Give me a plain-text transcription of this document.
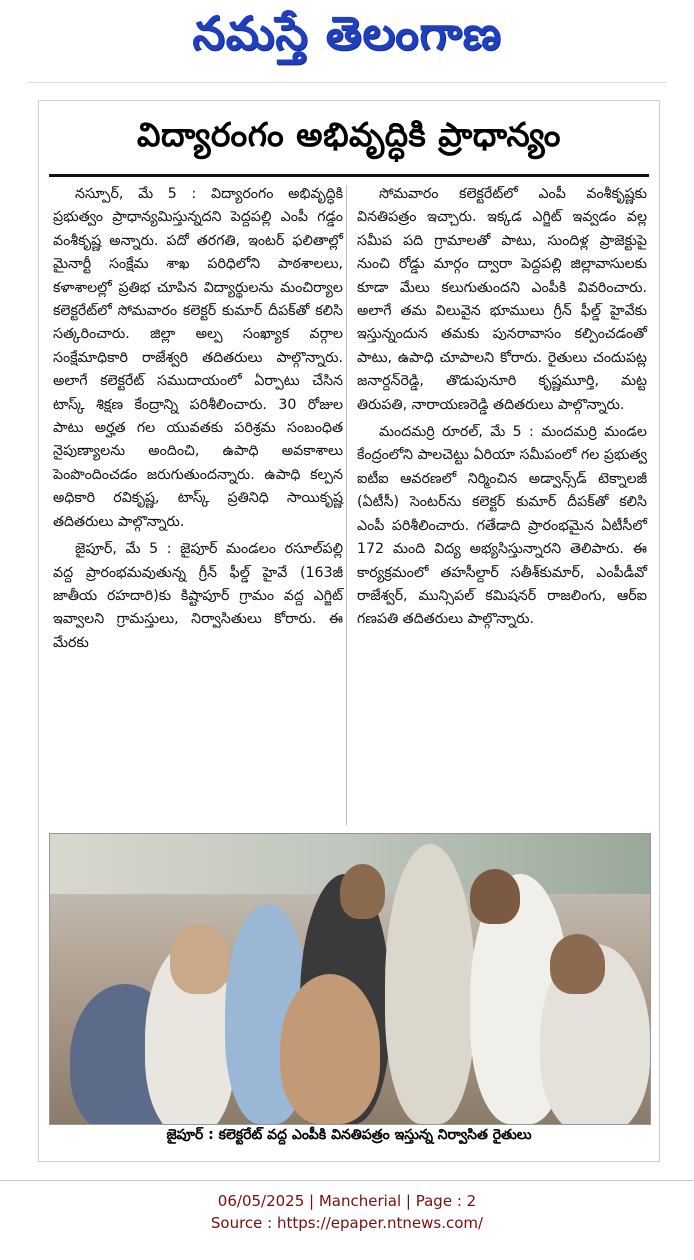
నమస్తే తెలంగాణ
విద్యారంగం అభివృద్ధికి ప్రాధాన్యం

నస్పూర్, మే 5 : విద్యారంగం అభివృద్ధికి ప్రభుత్వం ప్రాధాన్యమిస్తున్నదని పెద్దపల్లి ఎంపీ గడ్డం వంశీకృష్ణ అన్నారు. పదో తరగతి, ఇంటర్ ఫలితాల్లో మైనార్టీ సంక్షేమ శాఖ పరిధిలోని పాఠశాలలు, కళాశాలల్లో ప్రతిభ చూపిన విద్యార్థులను మంచిర్యాల కలెక్టరేట్‌లో సోమవారం కలెక్టర్ కుమార్ దీపక్‌తో కలిసి సత్కరించారు. జిల్లా అల్ప సంఖ్యాక వర్గాల సంక్షేమాధికారి రాజేశ్వరి తదితరులు పాల్గొన్నారు. అలాగే కలెక్టరేట్ సముదాయంలో ఏర్పాటు చేసిన టాస్క్ శిక్షణ కేంద్రాన్ని పరిశీలించారు. 30 రోజుల పాటు అర్హత గల యువతకు పరిశ్రమ సంబంధిత నైపుణ్యాలను అందించి, ఉపాధి అవకాశాలు పెంపొందించడం జరుగుతుందన్నారు. ఉపాధి కల్పన అధికారి రవికృష్ణ, టాస్క్ ప్రతినిధి సాయికృష్ణ తదితరులు పాల్గొన్నారు.

జైపూర్, మే 5 : జైపూర్ మండలం రసూల్‌పల్లి వద్ద ప్రారంభమవుతున్న గ్రీన్ ఫీల్డ్ హైవే (163జీ జాతీయ రహదారి)కు కిష్టాపూర్ గ్రామం వద్ద ఎగ్జిట్ ఇవ్వాలని గ్రామస్తులు, నిర్వాసితులు కోరారు. ఈ మేరకు

సోమవారం కలెక్టరేట్‌లో ఎంపీ వంశీకృష్ణకు వినతిపత్రం ఇచ్చారు. ఇక్కడ ఎగ్జిట్ ఇవ్వడం వల్ల సమీప పది గ్రామాలతో పాటు, సుందిళ్ల ప్రాజెక్టుపై నుంచి రోడ్డు మార్గం ద్వారా పెద్దపల్లి జిల్లావాసులకు కూడా మేలు కలుగుతుందని ఎంపీకి వివరించారు. అలాగే తమ విలువైన భూములు గ్రీన్ ఫీల్డ్ హైవేకు ఇస్తున్నందున తమకు పునరావాసం కల్పించడంతో పాటు, ఉపాధి చూపాలని కోరారు. రైతులు చందుపట్ల జనార్దన్‌రెడ్డి, తొడుపునూరి కృష్ణమూర్తి, మట్ట తిరుపతి, నారాయణరెడ్డి తదితరులు పాల్గొన్నారు.

మందమర్రి రూరల్, మే 5 : మందమర్రి మండల కేంద్రంలోని పాలచెట్టు ఏరియా సమీపంలో గల ప్రభుత్వ ఐటీఐ ఆవరణలో నిర్మించిన అడ్వాన్స్‌డ్ టెక్నాలజీ (ఏటీసీ) సెంటర్‌ను కలెక్టర్ కుమార్ దీపక్‌తో కలిసి ఎంపీ పరిశీలించారు. గతేడాది ప్రారంభమైన ఏటీసీలో 172 మంది విద్య అభ్యసిస్తున్నారని తెలిపారు. ఈ కార్యక్రమంలో తహసీల్దార్ సతీశ్‌కుమార్, ఎంపీడీవో రాజేశ్వర్, మున్సిపల్ కమిషనర్ రాజలింగు, ఆర్‌ఐ గణపతి తదితరులు పాల్గొన్నారు.

జైపూర్ : కలెక్టరేట్ వద్ద ఎంపీకి వినతిపత్రం ఇస్తున్న నిర్వాసిత రైతులు
06/05/2025 | Mancherial | Page : 2
Source : https://epaper.ntnews.com/
